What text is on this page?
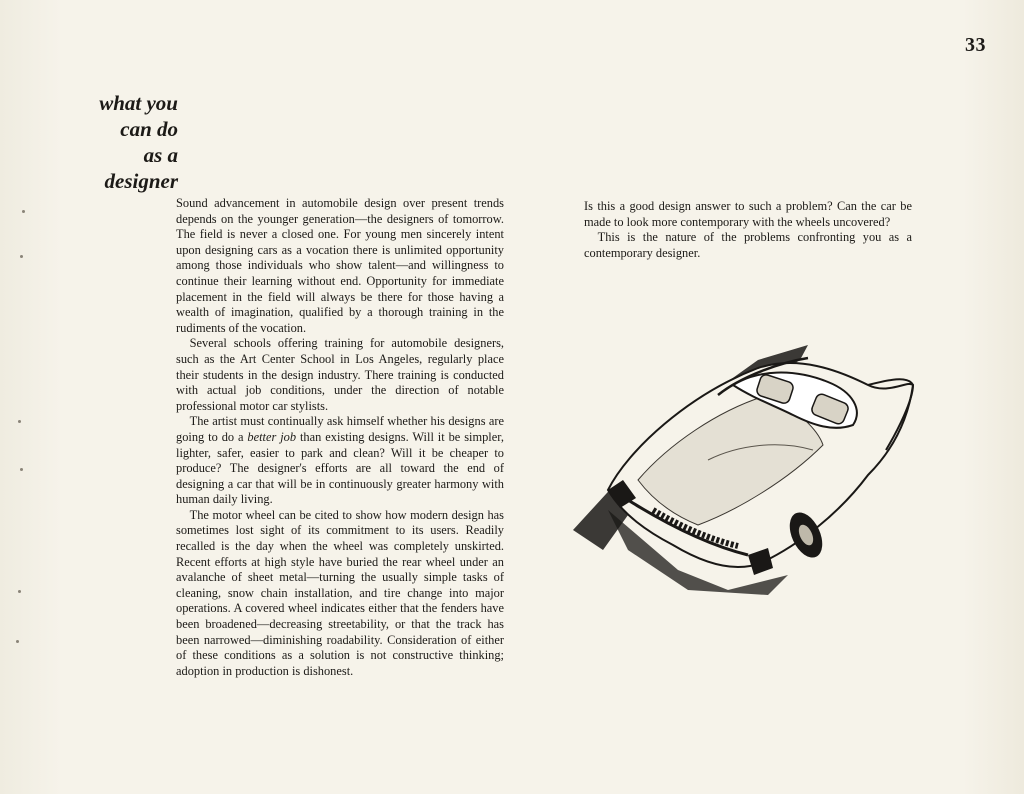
33
what you
can do
as a
designer

Sound advancement in automobile design over present trends depends on the younger generation—the designers of tomorrow. The field is never a closed one. For young men sincerely intent upon designing cars as a vocation there is unlimited opportunity among those individuals who show talent—and willingness to continue their learning without end. Opportunity for immediate placement in the field will always be there for those having a wealth of imagination, qualified by a thorough training in the rudiments of the vocation.

Several schools offering training for automobile designers, such as the Art Center School in Los Angeles, regularly place their students in the design industry. There training is conducted with actual job conditions, under the direction of notable professional motor car stylists.

The artist must continually ask himself whether his designs are going to do a better job than existing designs. Will it be simpler, lighter, safer, easier to park and clean? Will it be cheaper to produce? The designer's efforts are all toward the end of designing a car that will be in continuously greater harmony with human daily living.

The motor wheel can be cited to show how modern design has sometimes lost sight of its commitment to its users. Readily recalled is the day when the wheel was completely unskirted. Recent efforts at high style have buried the rear wheel under an avalanche of sheet metal—turning the usually simple tasks of cleaning, snow chain installation, and tire change into major operations. A covered wheel indicates either that the fenders have been broadened—decreasing streetability, or that the track has been narrowed—diminishing roadability. Consideration of either of these conditions as a solution is not constructive thinking; adoption in production is dishonest.

Is this a good design answer to such a problem? Can the car be made to look more contemporary with the wheels uncovered?

This is the nature of the problems confronting you as a contemporary designer.
